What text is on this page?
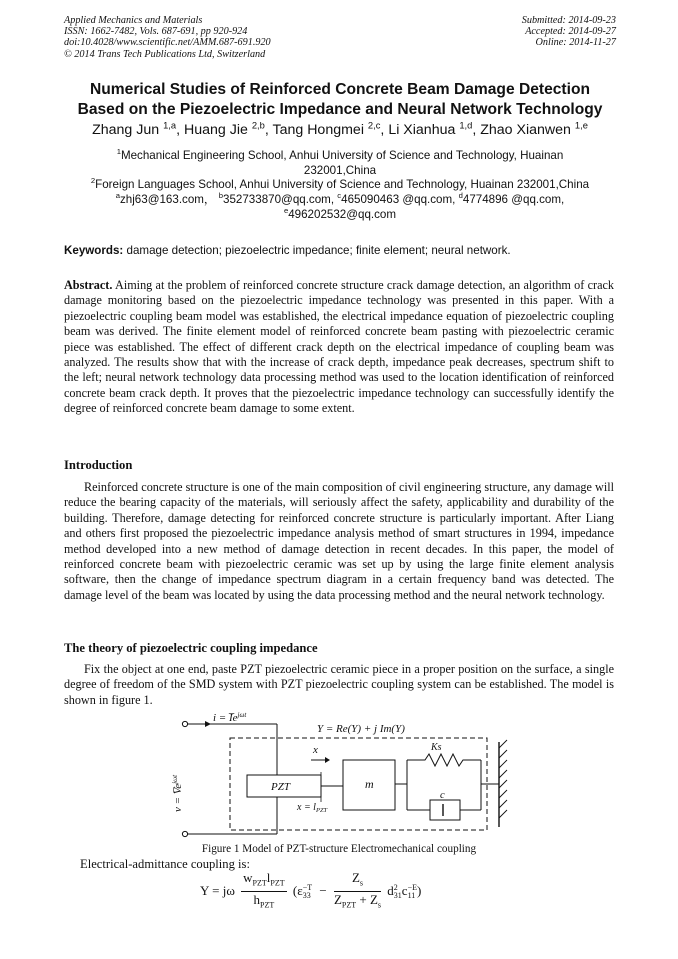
Applied Mechanics and Materials
ISSN: 1662-7482, Vols. 687-691, pp 920-924
doi:10.4028/www.scientific.net/AMM.687-691.920
© 2014 Trans Tech Publications Ltd, Switzerland
Submitted: 2014-09-23
Accepted: 2014-09-27
Online: 2014-11-27
Numerical Studies of Reinforced Concrete Beam Damage Detection
Based on the Piezoelectric Impedance and Neural Network Technology
Zhang Jun $^{1,a}$, Huang Jie $^{2,b}$, Tang Hongmei $^{2,c}$, Li Xianhua $^{1,d}$, Zhao Xianwen $^{1,e}$
$^1$Mechanical Engineering School, Anhui University of Science and Technology, Huainan
232001,China
$^2$Foreign Languages School, Anhui University of Science and Technology, Huainan 232001,China
$^a$zhj63@163.com， $^b$352733870@qq.com, $^c$465090463 @qq.com, $^d$4774896 @qq.com,
$^e$496202532@qq.com
Keywords: damage detection; piezoelectric impedance; finite element; neural network.
Abstract. Aiming at the problem of reinforced concrete structure crack damage detection, an algorithm of crack damage monitoring based on the piezoelectric impedance technology was presented in this paper. With a piezoelectric coupling beam model was established, the electrical impedance equation of piezoelectric coupling beam was derived. The finite element model of reinforced concrete beam pasting with piezoelectric ceramic piece was established. The effect of different crack depth on the electrical impedance of coupling beam was analyzed. The results show that with the increase of crack depth, impedance peak decreases, spectrum shift to the left; neural network technology data processing method was used to the location identification of reinforced concrete beam crack depth. It proves that the piezoelectric impedance technology can successfully identify the degree of reinforced concrete beam damage to some extent.
Introduction
Reinforced concrete structure is one of the main composition of civil engineering structure, any damage will reduce the bearing capacity of the materials, will seriously affect the safety, applicability and durability of the building. Therefore, damage detecting for reinforced concrete structure is particularly important. After Liang and others first proposed the piezoelectric impedance analysis method of smart structures in 1994, impedance method developed into a new method of damage detection in recent decades. In this paper, the model of reinforced concrete beam with piezoelectric ceramic was set up by using the large finite element analysis software, then the change of impedance spectrum diagram in a certain frequency band was detected. The damage level of the beam was located by using the data processing method and the neural network technology.
The theory of piezoelectric coupling impedance
Fix the object at one end, paste PZT piezoelectric ceramic piece in a proper position on the surface, a single degree of freedom of the SMD system with PZT piezoelectric coupling system can be established. The model is shown in figure 1.
$i = I̅e^{j\omega t}$
Y = Re(Y) + j Im(Y)
x
PZT
$x = l_{PZT}$
m
Ks
c
$v = V̅e^{j\omega t}$
Figure 1 Model of PZT-structure Electromechanical coupling
Electrical-admittance coupling is:
Y = jω
$w_{PZT}l_{PZT}$
$h_{PZT}$
(ε −T
33 −
$Z_s$
$Z_{PZT} + Z_s$
d 2
31 c −E
11 )
